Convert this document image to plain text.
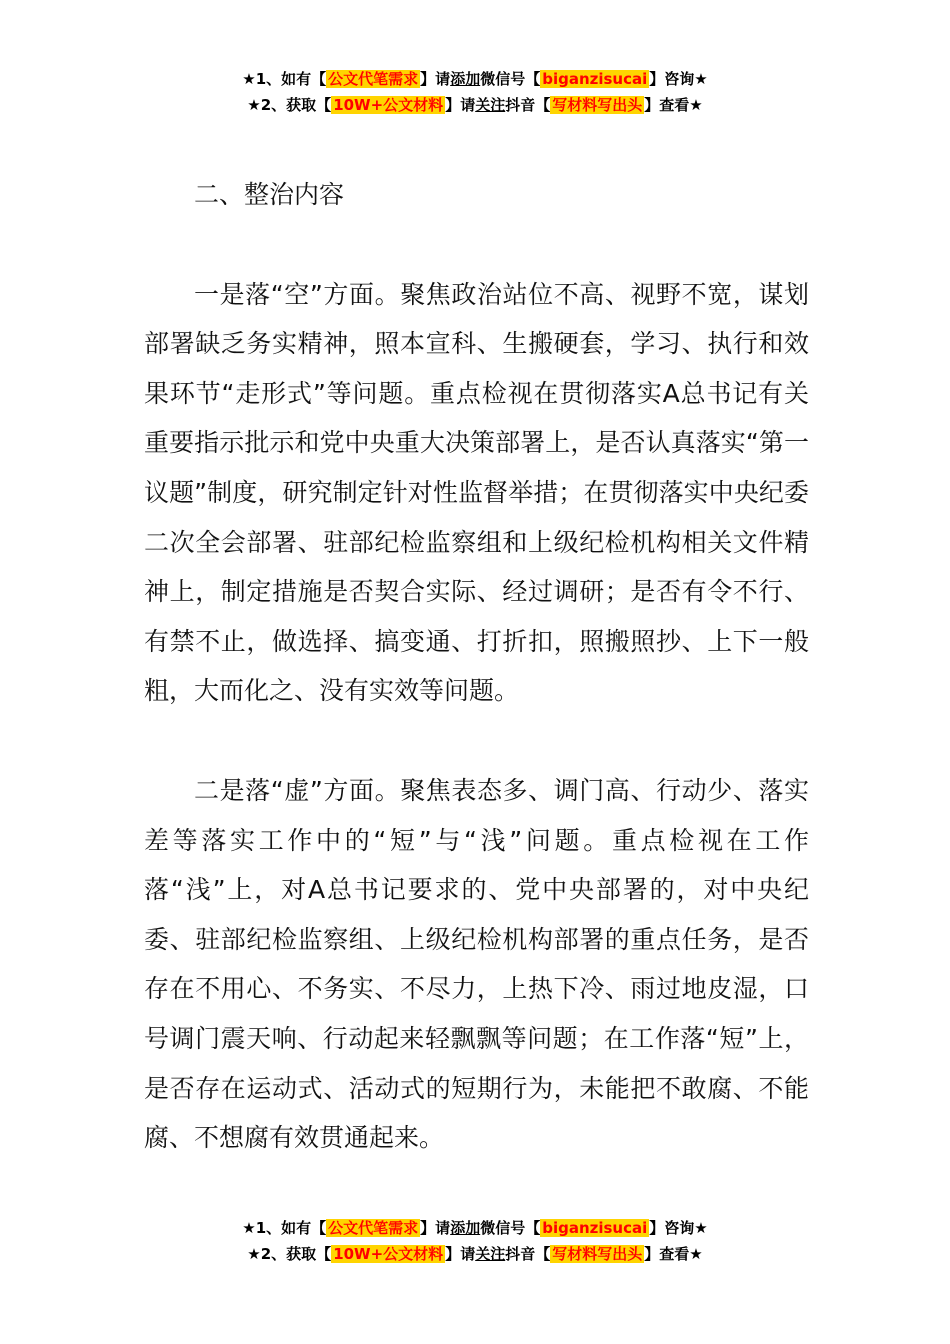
★1、如有【 公文代笔需求 】请添加微信号【 biganzisucai 】咨询★
★2、获取【 10W+公文材料 】请关注抖音【 写材料写出头 】查看★

二、整治内容

一是落“空”方面。聚焦政治站位不高、视野不宽，谋划部署缺乏务实精神，照本宣科、生搬硬套，学习、执行和效果环节“走形式”等问题。重点检视在贯彻落实A总书记有关重要指示批示和党中央重大决策部署上，是否认真落实“第一议题”制度，研究制定针对性监督举措；在贯彻落实中央纪委二次全会部署、驻部纪检监察组和上级纪检机构相关文件精神上，制定措施是否契合实际、经过调研；是否有令不行、有禁不止，做选择、搞变通、打折扣，照搬照抄、上下一般粗，大而化之、没有实效等问题。

二是落“虚”方面。聚焦表态多、调门高、行动少、落实差等落实工作中的“短”与“浅”问题。重点检视在工作落“浅”上，对A总书记要求的、党中央部署的，对中央纪委、驻部纪检监察组、上级纪检机构部署的重点任务，是否存在不用心、不务实、不尽力，上热下冷、雨过地皮湿，口号调门震天响、行动起来轻飘飘等问题；在工作落“短”上，是否存在运动式、活动式的短期行为，未能把不敢腐、不能腐、不想腐有效贯通起来。

★1、如有【 公文代笔需求 】请添加微信号【 biganzisucai 】咨询★
★2、获取【 10W+公文材料 】请关注抖音【 写材料写出头 】查看★
